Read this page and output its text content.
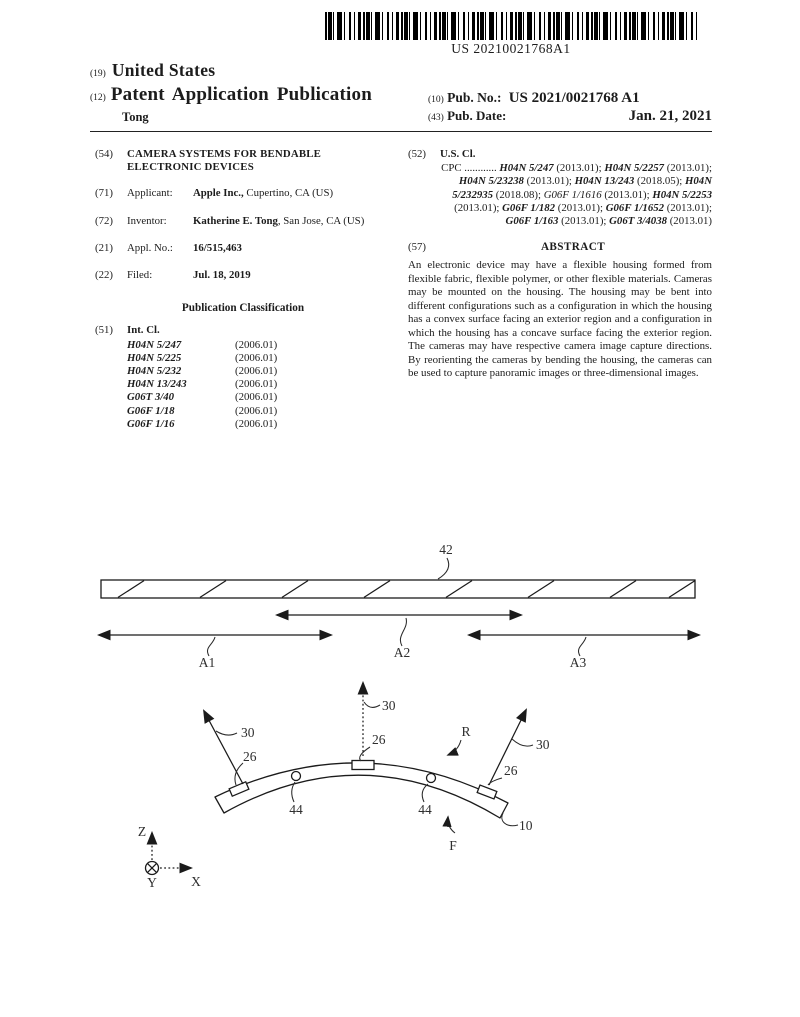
US 20210021768A1
(19) United States
(12) Patent Application Publication
Tong
(10) Pub. No.: US 2021/0021768 A1
(43) Pub. Date:	Jan. 21, 2021
(54)	CAMERA SYSTEMS FOR BENDABLE ELECTRONIC DEVICES
(71)	Applicant: Apple Inc., Cupertino, CA (US)
(72)	Inventor: Katherine E. Tong, San Jose, CA (US)
(21)	Appl. No.: 16/515,463
(22)	Filed:	Jul. 18, 2019
Publication Classification
(51)	Int. Cl.
H04N 5/247	(2006.01)
H04N 5/225	(2006.01)
H04N 5/232	(2006.01)
H04N 13/243	(2006.01)
G06T 3/40	(2006.01)
G06F 1/18	(2006.01)
G06F 1/16	(2006.01)
(52)	U.S. Cl.
CPC ............ H04N 5/247 (2013.01); H04N 5/2257 (2013.01); H04N 5/23238 (2013.01); H04N 13/243 (2018.05); H04N 5/232935 (2018.08); G06F 1/1616 (2013.01); H04N 5/2253 (2013.01); G06F 1/182 (2013.01); G06F 1/1652 (2013.01); G06F 1/163 (2013.01); G06T 3/4038 (2013.01)
(57)	ABSTRACT
An electronic device may have a flexible housing formed from flexible fabric, flexible polymer, or other flexible materials. Cameras may be mounted on the housing. The housing may be bent into different configurations such as a configuration in which the housing has a convex surface facing an exterior region and a configuration in which the housing has a concave surface facing the exterior region. The cameras may have respective camera image capture directions. By reorienting the cameras by bending the housing, the cameras can be used to capture panoramic images or three-dimensional images.
42
A2
A1	A3
30
30
30
26
26
26
44	44
R
F
10
Z
Y	X
